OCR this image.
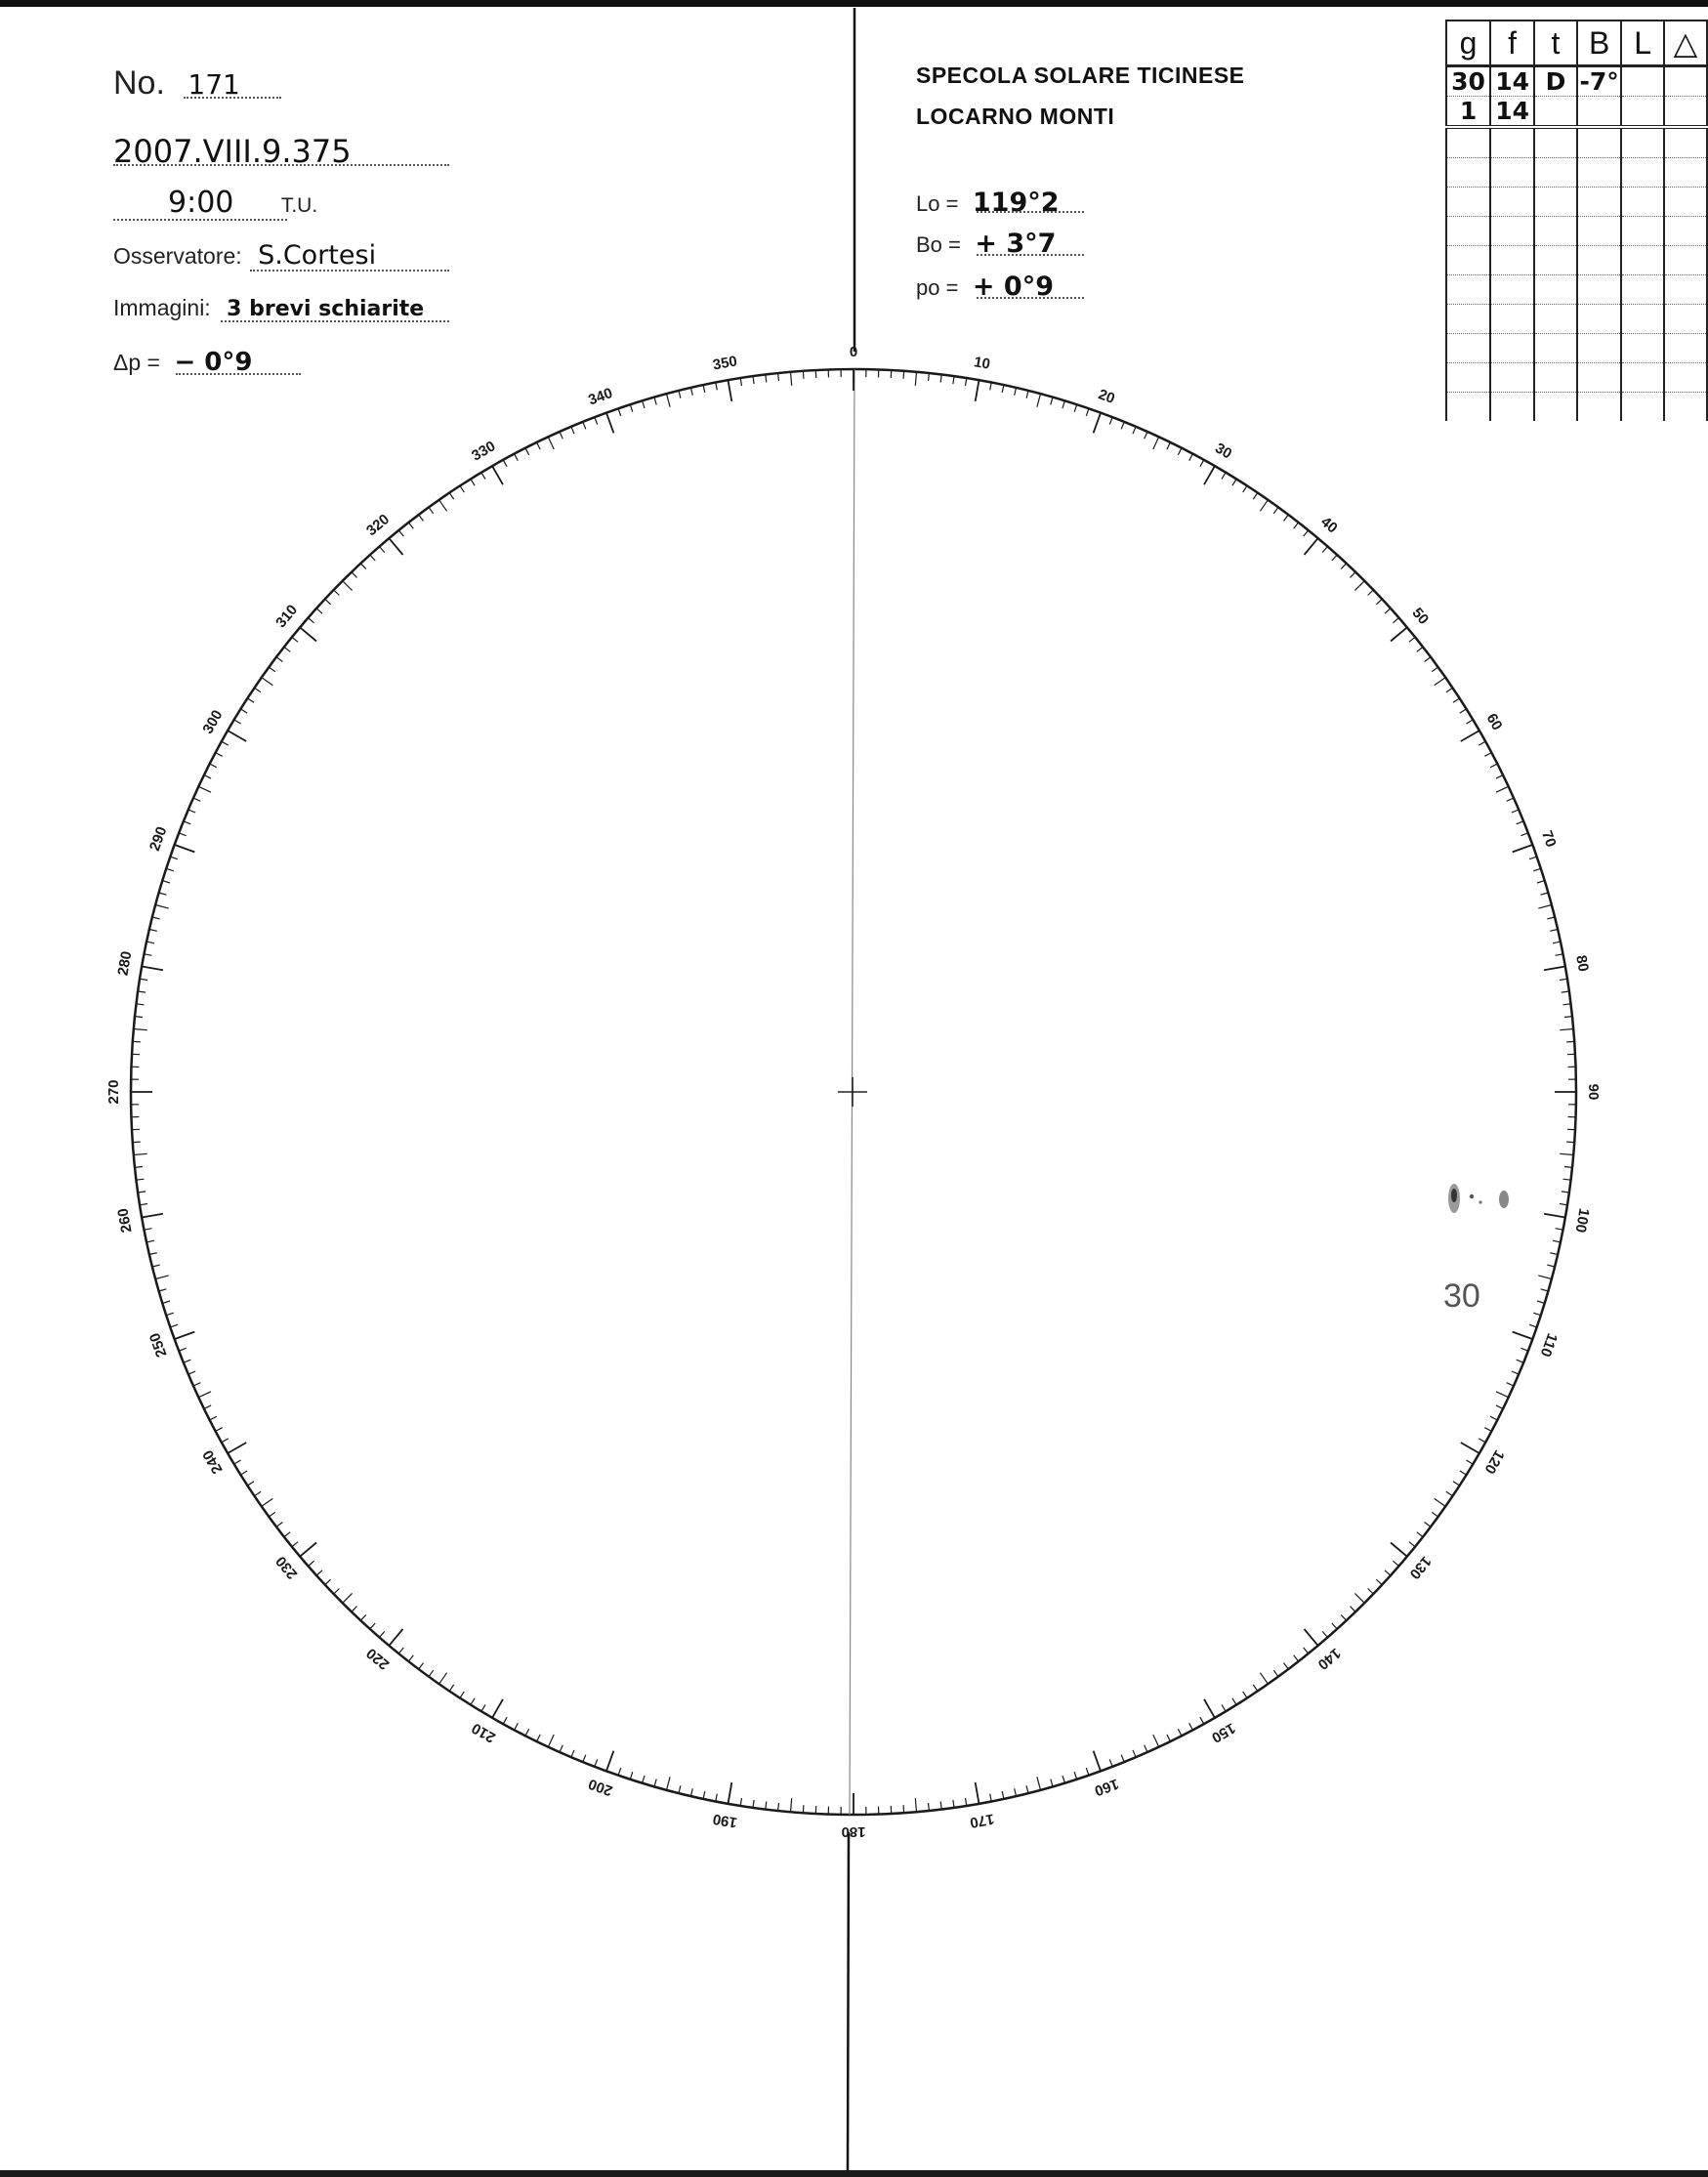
No. 171
2007.VIII.9.375
9:00 T.U.
Osservatore: S.Cortesi
Immagini: 3 brevi schiarite
Δp = − 0°9
SPECOLA SOLARE TICINESE
LOCARNO MONTI
Lo = 119°2
Bo = + 3°7
po = + 0°9
g	f	t	B	L	△
30	14	D	-7°		
1	14				

0
10
20
30
40
50
60
70
80
90
100
110
120
130
140
150
160
170
180
190
200
210
220
230
240
250
260
270
280
290
300
310
320
330
340
350
30
